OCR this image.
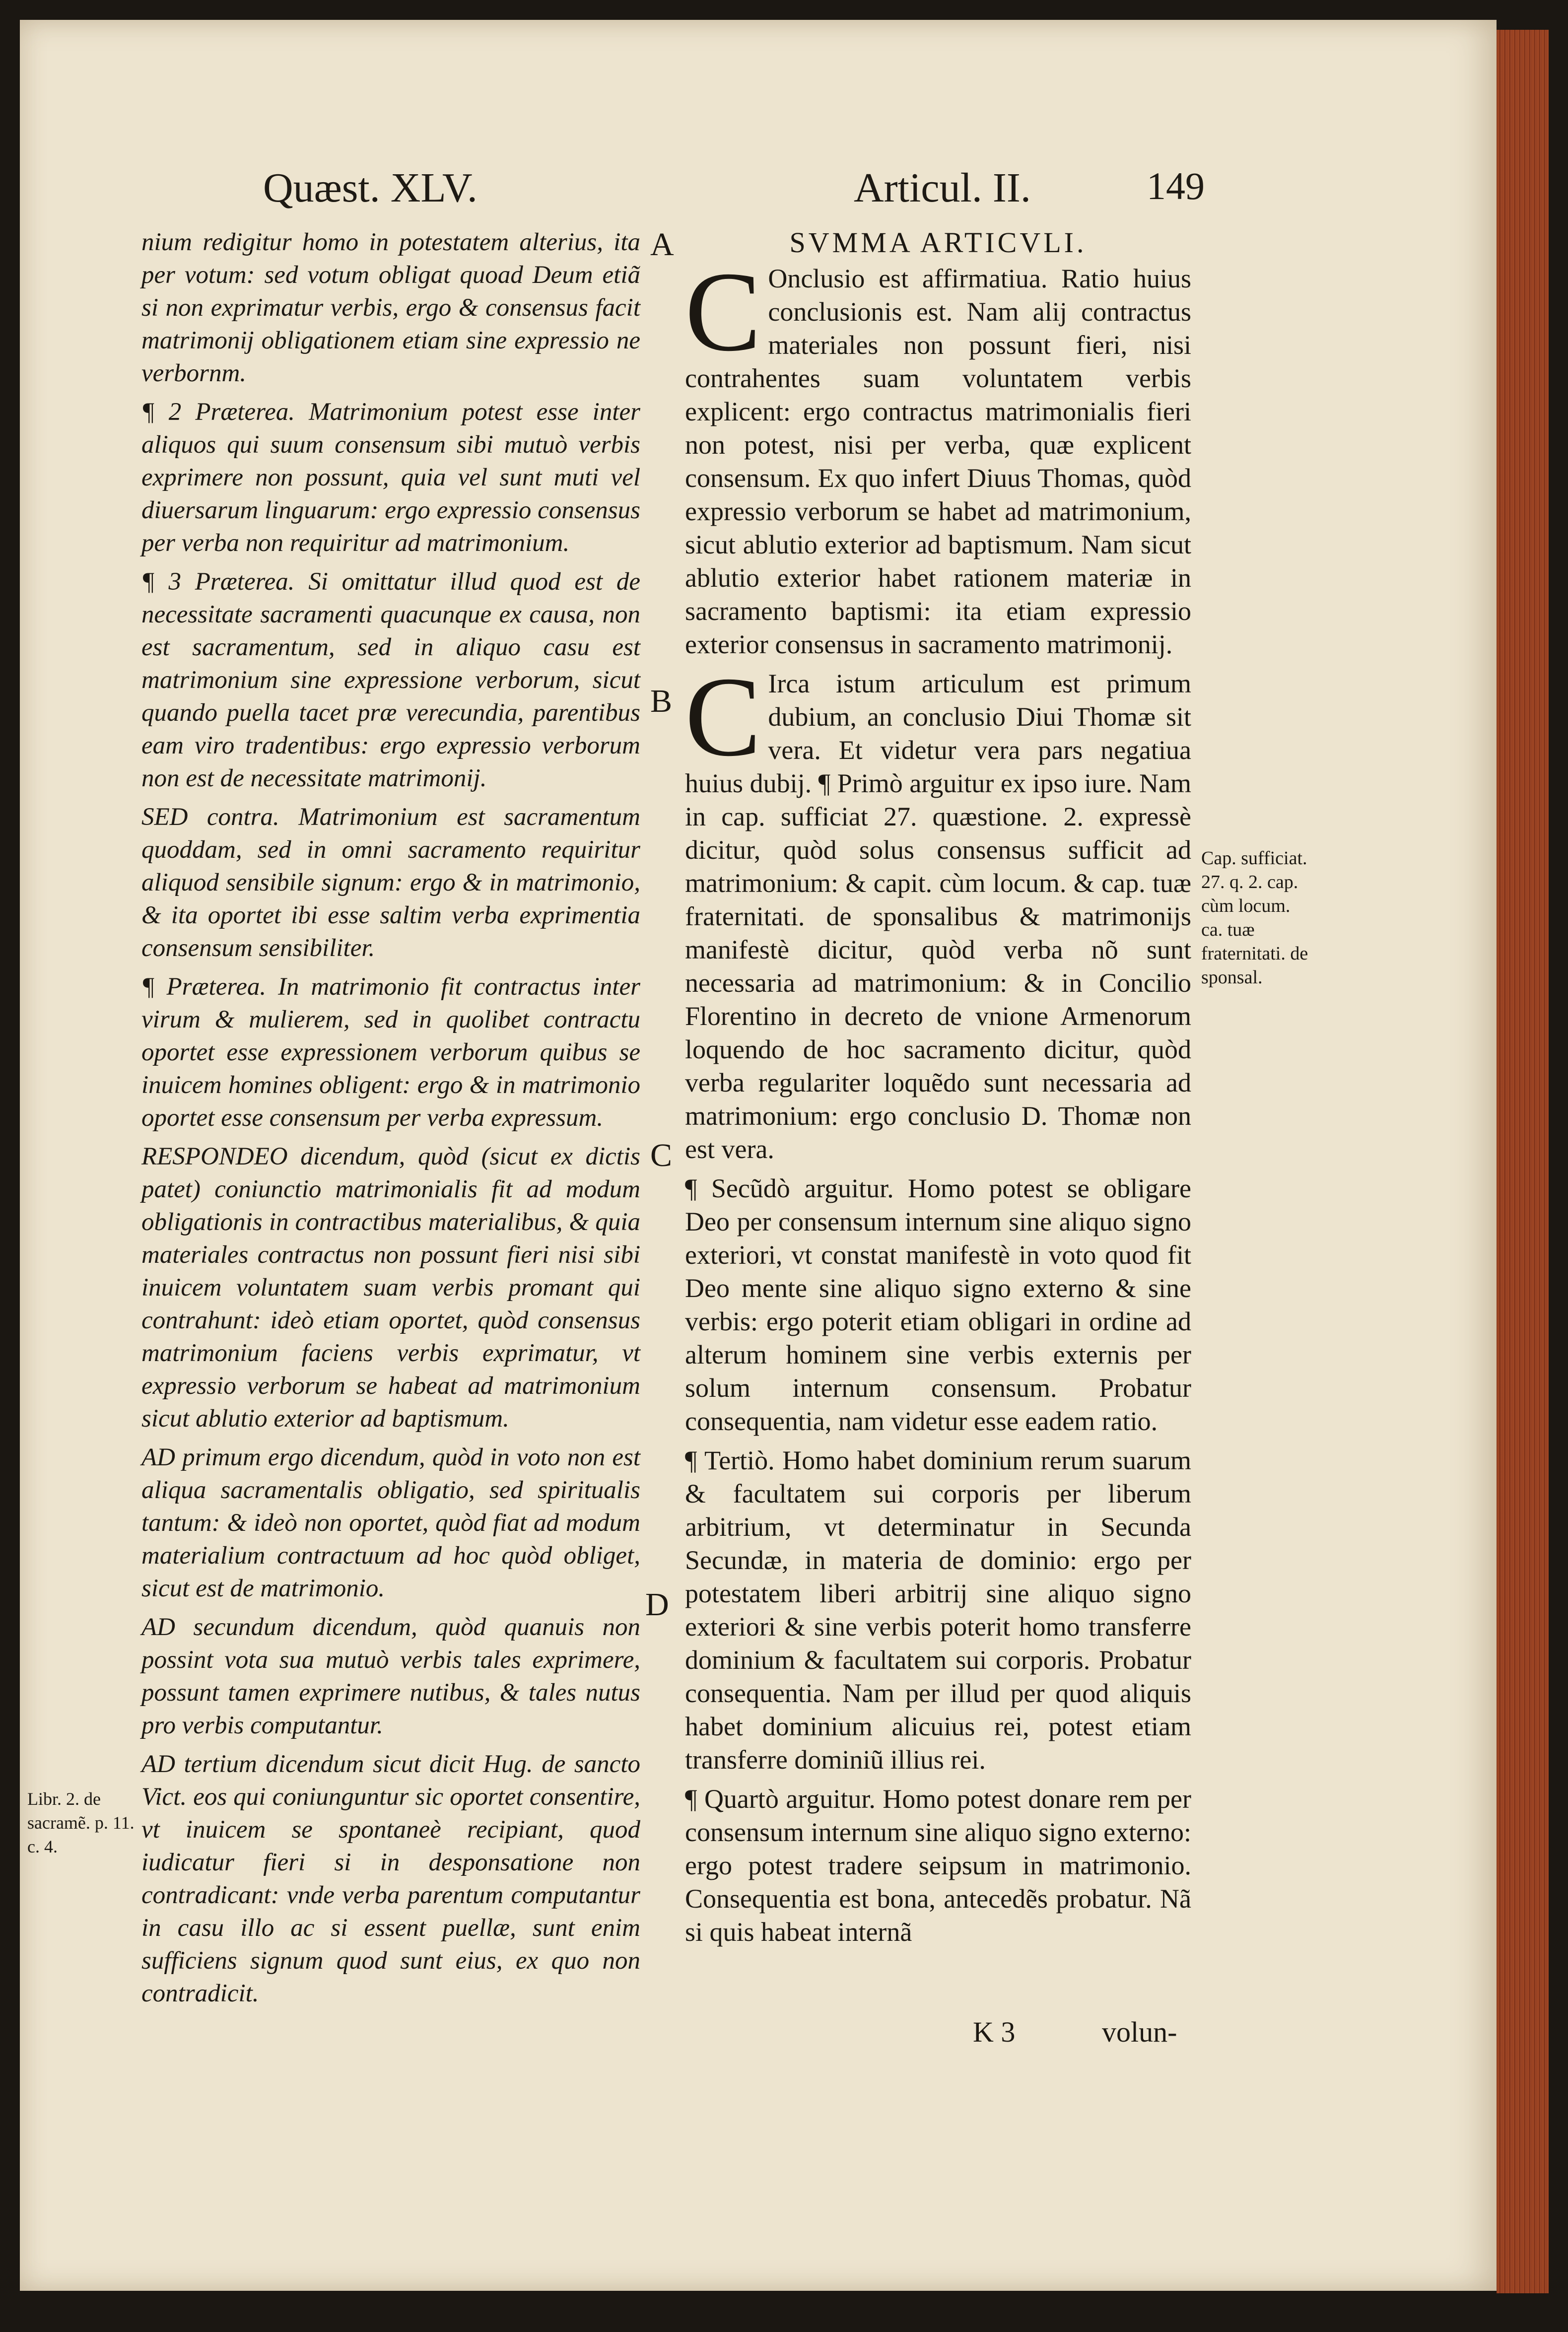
Quæst. XLV.	Articul. II.	149

nium redigitur homo in potestatem alterius, ita per votum: sed votum obligat quoad Deum etiã si non exprimatur verbis, ergo & consensus facit matrimonij obligationem etiam sine expressio ne verbornm.

¶ 2 Præterea. Matrimonium potest esse inter aliquos qui suum consensum sibi mutuò verbis exprimere non possunt, quia vel sunt muti vel diuersarum linguarum: ergo expressio consensus per verba non requiritur ad matrimonium.

¶ 3 Præterea. Si omittatur illud quod est de necessitate sacramenti quacunque ex causa, non est sacramentum, sed in aliquo casu est matrimonium sine expressione verborum, sicut quando puella tacet præ verecundia, parentibus eam viro tradentibus: ergo expressio verborum non est de necessitate matrimonij.

SED contra. Matrimonium est sacramentum quoddam, sed in omni sacramento requiritur aliquod sensibile signum: ergo & in matrimonio, & ita oportet ibi esse saltim verba exprimentia consensum sensibiliter.

¶ Præterea. In matrimonio fit contractus inter virum & mulierem, sed in quolibet contractu oportet esse expressionem verborum quibus se inuicem homines obligent: ergo & in matrimonio oportet esse consensum per verba expressum.

RESPONDEO dicendum, quòd (sicut ex dictis patet) coniunctio matrimonialis fit ad modum obligationis in contractibus materialibus, & quia materiales contractus non possunt fieri nisi sibi inuicem voluntatem suam verbis promant qui contrahunt: ideò etiam oportet, quòd consensus matrimonium faciens verbis exprimatur, vt expressio verborum se habeat ad matrimonium sicut ablutio exterior ad baptismum.

AD primum ergo dicendum, quòd in voto non est aliqua sacramentalis obligatio, sed spiritualis tantum: & ideò non oportet, quòd fiat ad modum materialium contractuum ad hoc quòd obliget, sicut est de matrimonio.

AD secundum dicendum, quòd quanuis non possint vota sua mutuò verbis tales exprimere, possunt tamen exprimere nutibus, & tales nutus pro verbis computantur.

AD tertium dicendum sicut dicit Hug. de sancto Vict. eos qui coniunguntur sic oportet consentire, vt inuicem se spontaneè recipiant, quod iudicatur fieri si in desponsatione non contradicant: vnde verba parentum computantur in casu illo ac si essent puellæ, sunt enim sufficiens signum quod sunt eius, ex quo non contradicit.

SVMMA ARTICVLI.

C Onclusio est affirmatiua. Ratio huius conclusionis est. Nam alij contractus materiales non possunt fieri, nisi contrahentes suam voluntatem verbis explicent: ergo contractus matrimonialis fieri non potest, nisi per verba, quæ explicent consensum. Ex quo infert Diuus Thomas, quòd expressio verborum se habet ad matrimonium, sicut ablutio exterior ad baptismum. Nam sicut ablutio exterior habet rationem materiæ in sacramento baptismi: ita etiam expressio exterior consensus in sacramento matrimonij.

C Irca istum articulum est primum dubium, an conclusio Diui Thomæ sit vera. Et videtur vera pars negatiua huius dubij. ¶ Primò arguitur ex ipso iure. Nam in cap. sufficiat 27. quæstione. 2. expressè dicitur, quòd solus consensus sufficit ad matrimonium: & capit. cùm locum. & cap. tuæ fraternitati. de sponsalibus & matrimonijs manifestè dicitur, quòd verba nõ sunt necessaria ad matrimonium: & in Concilio Florentino in decreto de vnione Armenorum loquendo de hoc sacramento dicitur, quòd verba regulariter loquẽdo sunt necessaria ad matrimonium: ergo conclusio D. Thomæ non est vera.

¶ Secũdò arguitur. Homo potest se obligare Deo per consensum internum sine aliquo signo exteriori, vt constat manifestè in voto quod fit Deo mente sine aliquo signo externo & sine verbis: ergo poterit etiam obligari in ordine ad alterum hominem sine verbis externis per solum internum consensum. Probatur consequentia, nam videtur esse eadem ratio.

¶ Tertiò. Homo habet dominium rerum suarum & facultatem sui corporis per liberum arbitrium, vt determinatur in Secunda Secundæ, in materia de dominio: ergo per potestatem liberi arbitrij sine aliquo signo exteriori & sine verbis poterit homo transferre dominium & facultatem sui corporis. Probatur consequentia. Nam per illud per quod aliquis habet dominium alicuius rei, potest etiam transferre dominiũ illius rei.

¶ Quartò arguitur. Homo potest donare rem per consensum internum sine aliquo signo externo: ergo potest tradere seipsum in matrimonio. Consequentia est bona, antecedẽs probatur. Nã si quis habeat internã

A
B
C
D
Cap. sufficiat. 27. q. 2. cap. cùm locum. ca. tuæ fraternitati. de sponsal.
Libr. 2. de sacramẽ. p. 11. c. 4.
K 3	volun-
